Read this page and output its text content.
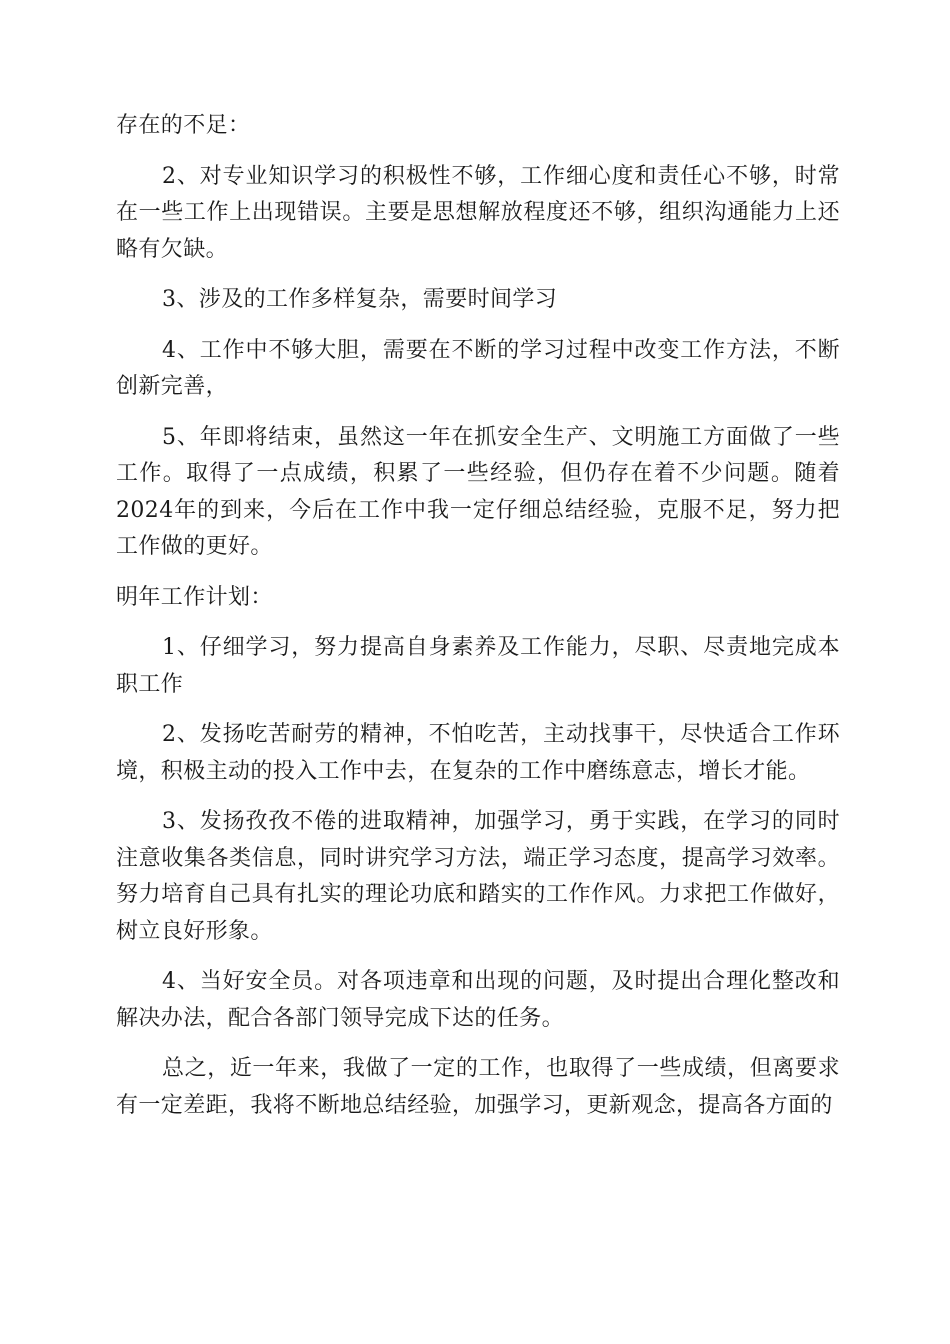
存在的不足：

2、对专业知识学习的积极性不够，工作细心度和责任心不够，时常在一些工作上出现错误。主要是思想解放程度还不够，组织沟通能力上还略有欠缺。

3、涉及的工作多样复杂，需要时间学习

4、工作中不够大胆，需要在不断的学习过程中改变工作方法，不断创新完善，

5、年即将结束，虽然这一年在抓安全生产、文明施工方面做了一些工作。取得了一点成绩，积累了一些经验，但仍存在着不少问题。随着2024年的到来，今后在工作中我一定仔细总结经验，克服不足，努力把工作做的更好。

明年工作计划：

1、仔细学习，努力提高自身素养及工作能力，尽职、尽责地完成本职工作

2、发扬吃苦耐劳的精神，不怕吃苦，主动找事干，尽快适合工作环境，积极主动的投入工作中去，在复杂的工作中磨练意志，增长才能。

3、发扬孜孜不倦的进取精神，加强学习，勇于实践，在学习的同时注意收集各类信息，同时讲究学习方法，端正学习态度，提高学习效率。努力培育自己具有扎实的理论功底和踏实的工作作风。力求把工作做好，树立良好形象。

4、当好安全员。对各项违章和出现的问题，及时提出合理化整改和解决办法，配合各部门领导完成下达的任务。

总之，近一年来，我做了一定的工作，也取得了一些成绩，但离要求有一定差距，我将不断地总结经验，加强学习，更新观念，提高各方面的
